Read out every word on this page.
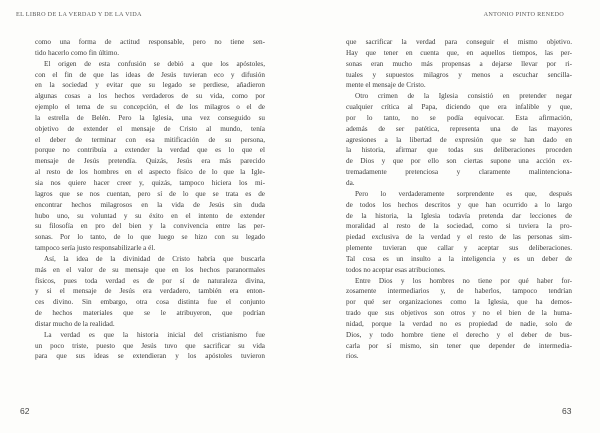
EL LIBRO DE LA VERDAD Y DE LA VIDA
como una forma de actitud responsable, pero no tiene sen-
tido hacerlo como fin último.
El origen de esta confusión se debió a que los apóstoles,
con el fin de que las ideas de Jesús tuvieran eco y difusión
en la sociedad y evitar que su legado se perdiese, añadieron
algunas cosas a los hechos verdaderos de su vida, como por
ejemplo el tema de su concepción, el de los milagros o el de
la estrella de Belén. Pero la Iglesia, una vez conseguido su
objetivo de extender el mensaje de Cristo al mundo, tenía
el deber de terminar con esa mitificación de su persona,
porque no contribuía a extender la verdad que es lo que el
mensaje de Jesús pretendía. Quizás, Jesús era más parecido
al resto de los hombres en el aspecto físico de lo que la Igle-
sia nos quiere hacer creer y, quizás, tampoco hiciera los mi-
lagros que se nos cuentan, pero sí de lo que se trata es de
encontrar hechos milagrosos en la vida de Jesús sin duda
hubo uno, su voluntad y su éxito en el intento de extender
su filosofía en pro del bien y la convivencia entre las per-
sonas. Por lo tanto, de lo que luego se hizo con su legado
tampoco sería justo responsabilizarle a él.
Así, la idea de la divinidad de Cristo habría que buscarla
más en el valor de su mensaje que en los hechos paranormales
físicos, pues toda verdad es de por sí de naturaleza divina,
y si el mensaje de Jesús era verdadero, también era enton-
ces divino. Sin embargo, otra cosa distinta fue el conjunto
de hechos materiales que se le atribuyeron, que podrían
distar mucho de la realidad.
La verdad es que la historia inicial del cristianismo fue
un poco triste, puesto que Jesús tuvo que sacrificar su vida
para que sus ideas se extendieran y los apóstoles tuvieron
62
ANTONIO PINTO RENEDO
que sacrificar la verdad para conseguir el mismo objetivo.
Hay que tener en cuenta que, en aquellos tiempos, las per-
sonas eran mucho más propensas a dejarse llevar por ri-
tuales y supuestos milagros y menos a escuchar sencilla-
mente el mensaje de Cristo.
Otro crimen de la Iglesia consistió en pretender negar
cualquier crítica al Papa, diciendo que era infalible y que,
por lo tanto, no se podía equivocar. Esta afirmación,
además de ser patética, representa una de las mayores
agresiones a la libertad de expresión que se han dado en
la historia, afirmar que todas sus deliberaciones proceden
de Dios y que por ello son ciertas supone una acción ex-
tremadamente pretenciosa y claramente malintenciona-
da.
Pero lo verdaderamente sorprendente es que, después
de todos los hechos descritos y que han ocurrido a lo largo
de la historia, la Iglesia todavía pretenda dar lecciones de
moralidad al resto de la sociedad, como si tuviera la pro-
piedad exclusiva de la verdad y el resto de las personas sim-
plemente tuvieran que callar y aceptar sus deliberaciones.
Tal cosa es un insulto a la inteligencia y es un deber de
todos no aceptar esas atribuciones.
Entre Dios y los hombres no tiene por qué haber for-
zosamente intermediarios y, de haberlos, tampoco tendrían
por qué ser organizaciones como la Iglesia, que ha demos-
trado que sus objetivos son otros y no el bien de la huma-
nidad, porque la verdad no es propiedad de nadie, solo de
Dios, y todo hombre tiene el derecho y el deber de bus-
carla por sí mismo, sin tener que depender de intermedia-
rios.
63
